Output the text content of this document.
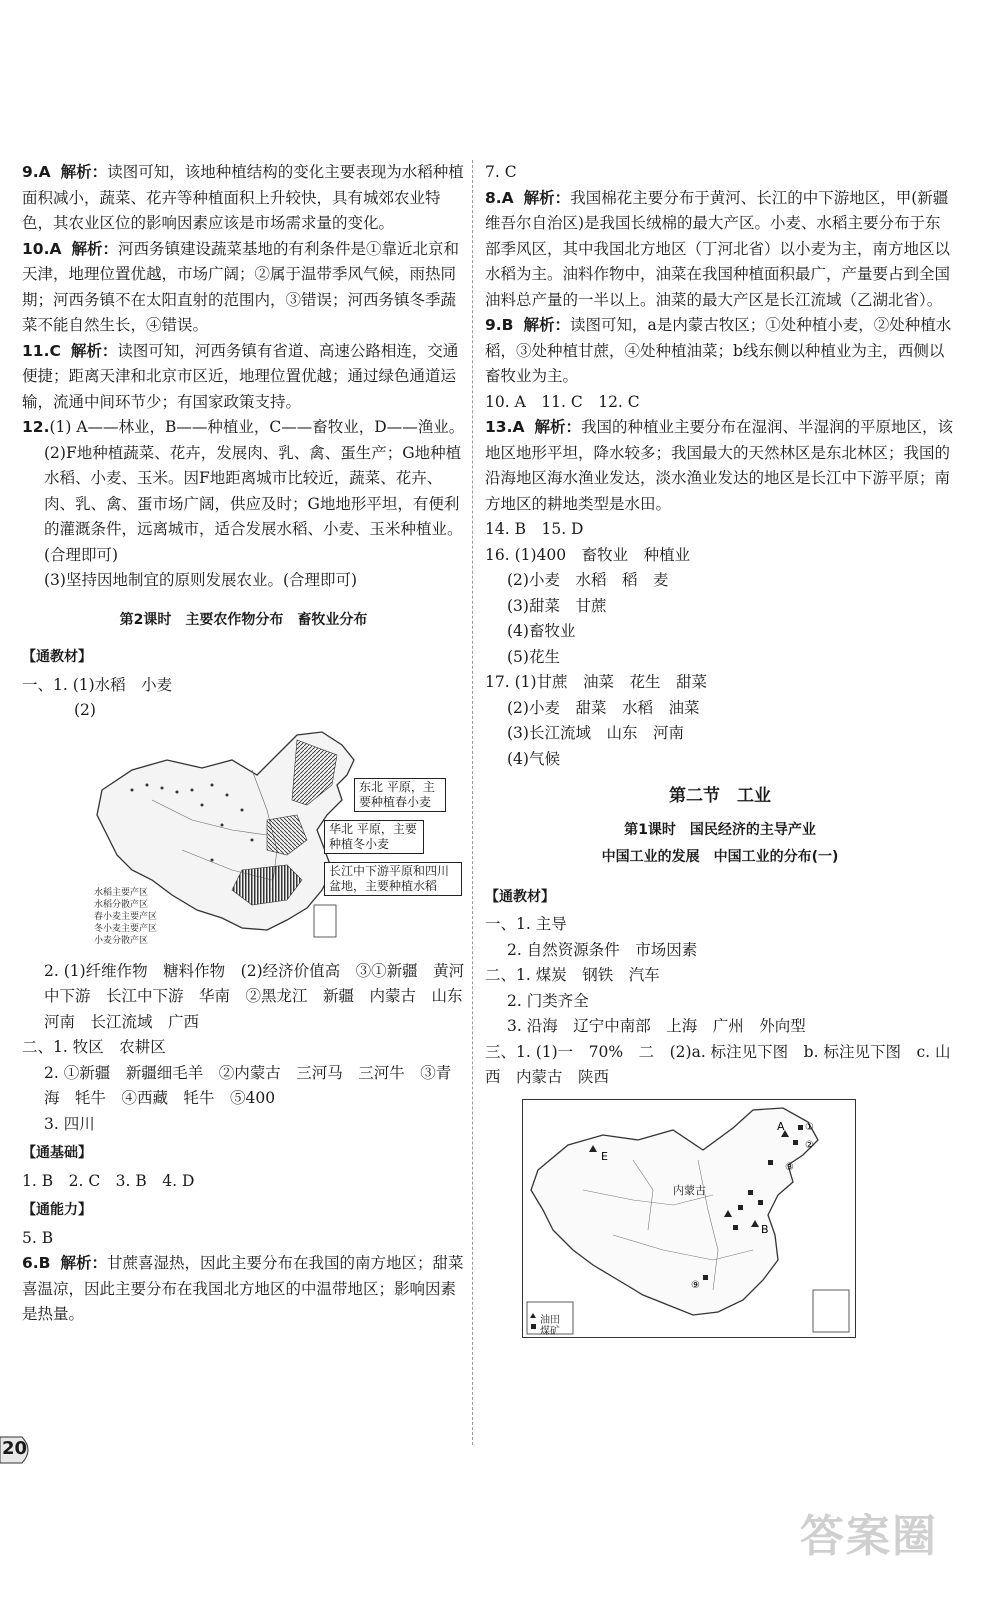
9.A 解析：读图可知，该地种植结构的变化主要表现为水稻种植面积减小，蔬菜、花卉等种植面积上升较快，具有城郊农业特色，其农业区位的影响因素应该是市场需求量的变化。

10.A 解析：河西务镇建设蔬菜基地的有利条件是①靠近北京和天津，地理位置优越，市场广阔；②属于温带季风气候，雨热同期；河西务镇不在太阳直射的范围内，③错误；河西务镇冬季蔬菜不能自然生长，④错误。

11.C 解析：读图可知，河西务镇有省道、高速公路相连，交通便捷；距离天津和北京市区近，地理位置优越；通过绿色通道运输，流通中间环节少；有国家政策支持。

12.(1) A——林业，B——种植业，C——畜牧业，D——渔业。

(2)F地种植蔬菜、花卉，发展肉、乳、禽、蛋生产；G地种植水稻、小麦、玉米。因F地距离城市比较近，蔬菜、花卉、肉、乳、禽、蛋市场广阔，供应及时；G地地形平坦，有便利的灌溉条件，远离城市，适合发展水稻、小麦、玉米种植业。(合理即可)

(3)坚持因地制宜的原则发展农业。(合理即可)

第2课时　主要农作物分布　畜牧业分布
【通教材】

一、1. (1)水稻　小麦

(2)

东北 平原，主要种植春小麦
华北 平原，主要种植冬小麦
长江中下游平原和四川盆地，主要种植水稻
水稻主要产区
水稻分散产区
春小麦主要产区
冬小麦主要产区
小麦分散产区

2. (1)纤维作物　糖料作物　(2)经济价值高　③①新疆　黄河中下游　长江中下游　华南　②黑龙江　新疆　内蒙古　山东　河南　长江流域　广西

二、1. 牧区　农耕区

2. ①新疆　新疆细毛羊　②内蒙古　三河马　三河牛　③青海　牦牛　④西藏　牦牛　⑤400

3. 四川

【通基础】

1. B　2. C　3. B　4. D

【通能力】

5. B

6.B 解析：甘蔗喜湿热，因此主要分布在我国的南方地区；甜菜喜温凉，因此主要分布在我国北方地区的中温带地区；影响因素是热量。

7. C

8.A 解析：我国棉花主要分布于黄河、长江的中下游地区，甲(新疆维吾尔自治区)是我国长绒棉的最大产区。小麦、水稻主要分布于东部季风区，其中我国北方地区（丁河北省）以小麦为主，南方地区以水稻为主。油料作物中，油菜在我国种植面积最广，产量要占到全国油料总产量的一半以上。油菜的最大产区是长江流域（乙湖北省）。

9.B 解析：读图可知，a是内蒙古牧区；①处种植小麦，②处种植水稻，③处种植甘蔗，④处种植油菜；b线东侧以种植业为主，西侧以畜牧业为主。

10. A　11. C　12. C

13.A 解析：我国的种植业主要分布在湿润、半湿润的平原地区，该地区地形平坦，降水较多；我国最大的天然林区是东北林区；我国的沿海地区海水渔业发达，淡水渔业发达的地区是长江中下游平原；南方地区的耕地类型是水田。

14. B　15. D

16. (1)400　畜牧业　种植业

(2)小麦　水稻　稻　麦

(3)甜菜　甘蔗

(4)畜牧业

(5)花生

17. (1)甘蔗　油菜　花生　甜菜

(2)小麦　甜菜　水稻　油菜

(3)长江流域　山东　河南

(4)气候

第二节　工业
第1课时　国民经济的主导产业
中国工业的发展　中国工业的分布(一)
【通教材】

一、1. 主导

2. 自然资源条件　市场因素

二、1. 煤炭　钢铁　汽车

2. 门类齐全

3. 沿海　辽宁中南部　上海　广州　外向型

三、1. (1)一　70%　二　(2)a. 标注见下图　b. 标注见下图　c. 山西　内蒙古　陕西

E
A
B
①
②
③
⑨
内蒙古
油田
煤矿
20
答案圈
